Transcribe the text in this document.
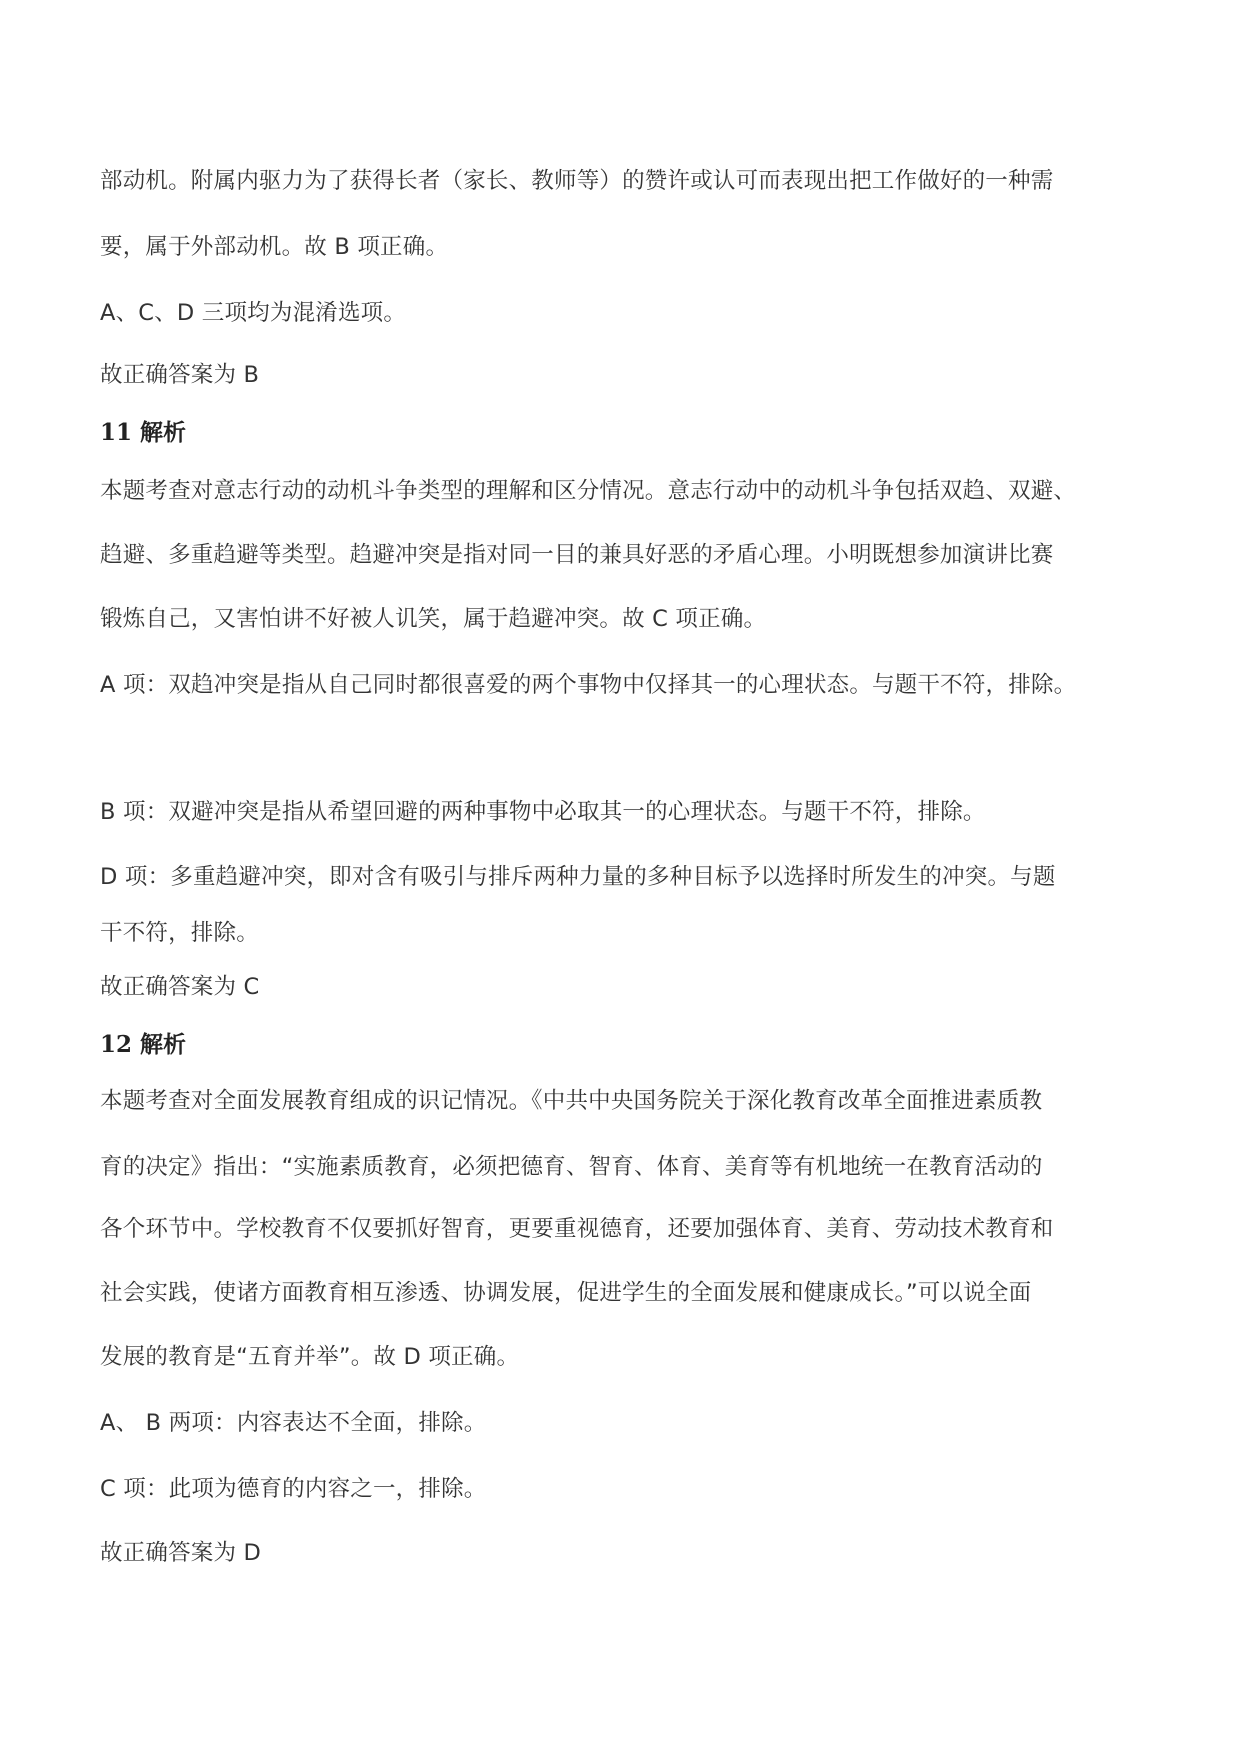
部动机。附属内驱力为了获得长者（家长、教师等）的赞许或认可而表现出把工作做好的一种需
要，属于外部动机。故 B 项正确。
A、C、D 三项均为混淆选项。
故正确答案为 B
11 解析
本题考查对意志行动的动机斗争类型的理解和区分情况。意志行动中的动机斗争包括双趋、双避、
趋避、多重趋避等类型。趋避冲突是指对同一目的兼具好恶的矛盾心理。小明既想参加演讲比赛
锻炼自己，又害怕讲不好被人讥笑，属于趋避冲突。故 C 项正确。
A 项：双趋冲突是指从自己同时都很喜爱的两个事物中仅择其一的心理状态。与题干不符，排除。
B 项：双避冲突是指从希望回避的两种事物中必取其一的心理状态。与题干不符，排除。
D 项：多重趋避冲突，即对含有吸引与排斥两种力量的多种目标予以选择时所发生的冲突。与题
干不符，排除。
故正确答案为 C
12 解析
本题考查对全面发展教育组成的识记情况。《中共中央国务院关于深化教育改革全面推进素质教
育的决定》指出：“实施素质教育，必须把德育、智育、体育、美育等有机地统一在教育活动的
各个环节中。学校教育不仅要抓好智育，更要重视德育，还要加强体育、美育、劳动技术教育和
社会实践，使诸方面教育相互渗透、协调发展，促进学生的全面发展和健康成长。”可以说全面
发展的教育是“五育并举”。故 D 项正确。
A、 B 两项：内容表达不全面，排除。
C 项：此项为德育的内容之一，排除。
故正确答案为 D
